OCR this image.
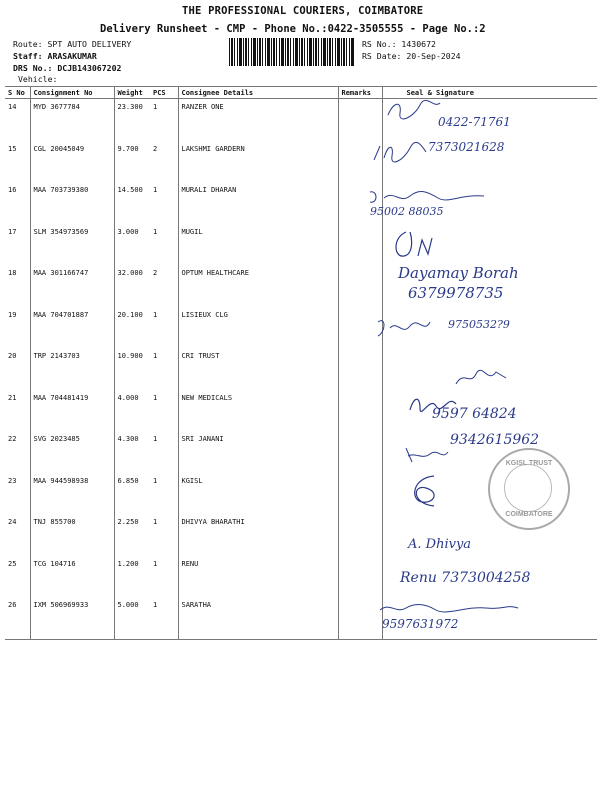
THE PROFESSIONAL COURIERS, COIMBATORE
Delivery Runsheet - CMP - Phone No.:0422-3505555 - Page No.:2
Route: SPT AUTO DELIVERY
Staff: ARASAKUMAR
DRS No.: DCJB143067202
Vehicle:
RS No.: 1430672
RS Date: 20-Sep-2024
S No	Consignment No	Weight	PCS	Consignee Details	Remarks	Seal & Signature
14	MYD 3677784	23.300	1	RANZER ONE		
15	CGL 20045049	9.700	2	LAKSHMI GARDERN		
16	MAA 703739380	14.500	1	MURALI DHARAN		
17	SLM 354973569	3.000	1	MUGIL		
18	MAA 301166747	32.000	2	OPTUM HEALTHCARE		
19	MAA 704701887	20.100	1	LISIEUX CLG		
20	TRP 2143703	10.900	1	CRI TRUST		
21	MAA 704481419	4.000	1	NEW MEDICALS		
22	SVG 2023485	4.300	1	SRI JANANI		
23	MAA 944598938	6.850	1	KGISL		
24	TNJ 855700	2.250	1	DHIVYA BHARATHI		
25	TCG 104716	1.200	1	RENU		
26	IXM 506969933	5.000	1	SARATHA		
0422-71761
7373021628
95002 88035
Dayamay Borah
6379978735
9750532?9
9597 64824
9342615962
KGISL TRUST
COIMBATORE
A. Dhivya
Renu 7373004258
9597631972
